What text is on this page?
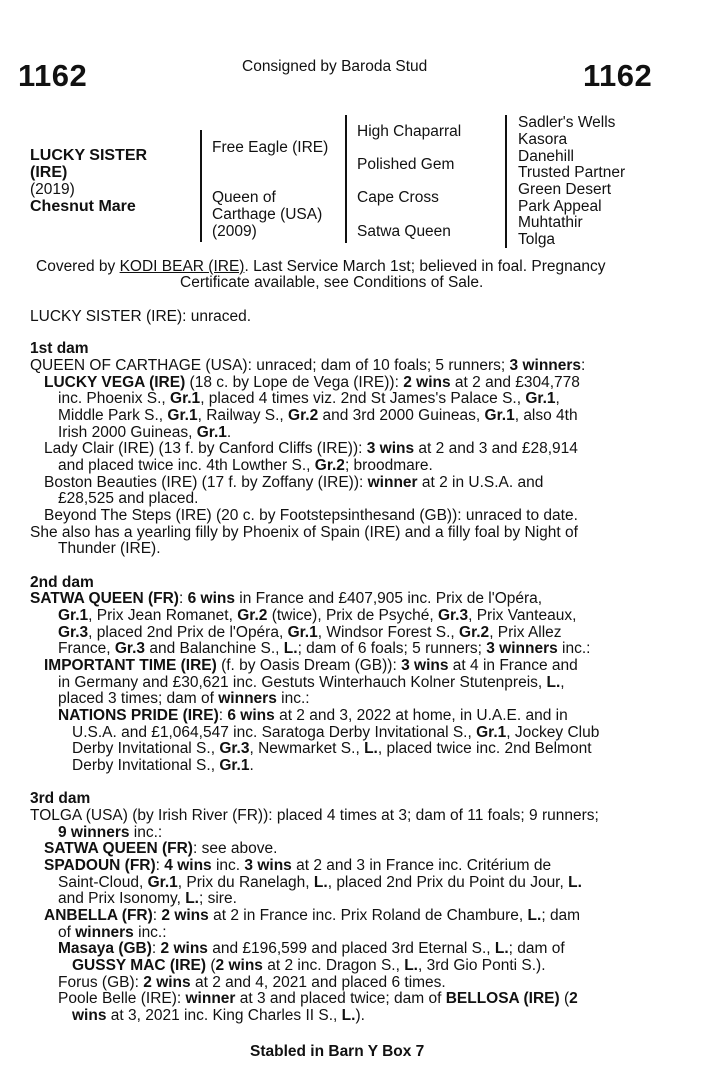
1162	Consigned by Baroda Stud	1162
LUCKY SISTER
(IRE)
(2019)
Chesnut Mare
Free Eagle (IRE)
Queen of
Carthage (USA)
(2009)
High Chaparral
Polished Gem
Cape Cross
Satwa Queen
Sadler's Wells
Kasora
Danehill
Trusted Partner
Green Desert
Park Appeal
Muhtathir
Tolga
Covered by KODI BEAR (IRE). Last Service March 1st; believed in foal. Pregnancy
Certificate available, see Conditions of Sale.
LUCKY SISTER (IRE): unraced.
1st dam
QUEEN OF CARTHAGE (USA): unraced; dam of 10 foals; 5 runners; 3 winners:
LUCKY VEGA (IRE) (18 c. by Lope de Vega (IRE)): 2 wins at 2 and £304,778
inc. Phoenix S., Gr.1, placed 4 times viz. 2nd St James's Palace S., Gr.1,
Middle Park S., Gr.1, Railway S., Gr.2 and 3rd 2000 Guineas, Gr.1, also 4th
Irish 2000 Guineas, Gr.1.
Lady Clair (IRE) (13 f. by Canford Cliffs (IRE)): 3 wins at 2 and 3 and £28,914
and placed twice inc. 4th Lowther S., Gr.2; broodmare.
Boston Beauties (IRE) (17 f. by Zoffany (IRE)): winner at 2 in U.S.A. and
£28,525 and placed.
Beyond The Steps (IRE) (20 c. by Footstepsinthesand (GB)): unraced to date.
She also has a yearling filly by Phoenix of Spain (IRE) and a filly foal by Night of
Thunder (IRE).
2nd dam
SATWA QUEEN (FR): 6 wins in France and £407,905 inc. Prix de l'Opéra,
Gr.1, Prix Jean Romanet, Gr.2 (twice), Prix de Psyché, Gr.3, Prix Vanteaux,
Gr.3, placed 2nd Prix de l'Opéra, Gr.1, Windsor Forest S., Gr.2, Prix Allez
France, Gr.3 and Balanchine S., L.; dam of 6 foals; 5 runners; 3 winners inc.:
IMPORTANT TIME (IRE) (f. by Oasis Dream (GB)): 3 wins at 4 in France and
in Germany and £30,621 inc. Gestuts Winterhauch Kolner Stutenpreis, L.,
placed 3 times; dam of winners inc.:
NATIONS PRIDE (IRE): 6 wins at 2 and 3, 2022 at home, in U.A.E. and in
U.S.A. and £1,064,547 inc. Saratoga Derby Invitational S., Gr.1, Jockey Club
Derby Invitational S., Gr.3, Newmarket S., L., placed twice inc. 2nd Belmont
Derby Invitational S., Gr.1.
3rd dam
TOLGA (USA) (by Irish River (FR)): placed 4 times at 3; dam of 11 foals; 9 runners;
9 winners inc.:
SATWA QUEEN (FR): see above.
SPADOUN (FR): 4 wins inc. 3 wins at 2 and 3 in France inc. Critérium de
Saint-Cloud, Gr.1, Prix du Ranelagh, L., placed 2nd Prix du Point du Jour, L.
and Prix Isonomy, L.; sire.
ANBELLA (FR): 2 wins at 2 in France inc. Prix Roland de Chambure, L.; dam
of winners inc.:
Masaya (GB): 2 wins and £196,599 and placed 3rd Eternal S., L.; dam of
GUSSY MAC (IRE) (2 wins at 2 inc. Dragon S., L., 3rd Gio Ponti S.).
Forus (GB): 2 wins at 2 and 4, 2021 and placed 6 times.
Poole Belle (IRE): winner at 3 and placed twice; dam of BELLOSA (IRE) (2
wins at 3, 2021 inc. King Charles II S., L.).
Stabled in Barn Y Box 7
